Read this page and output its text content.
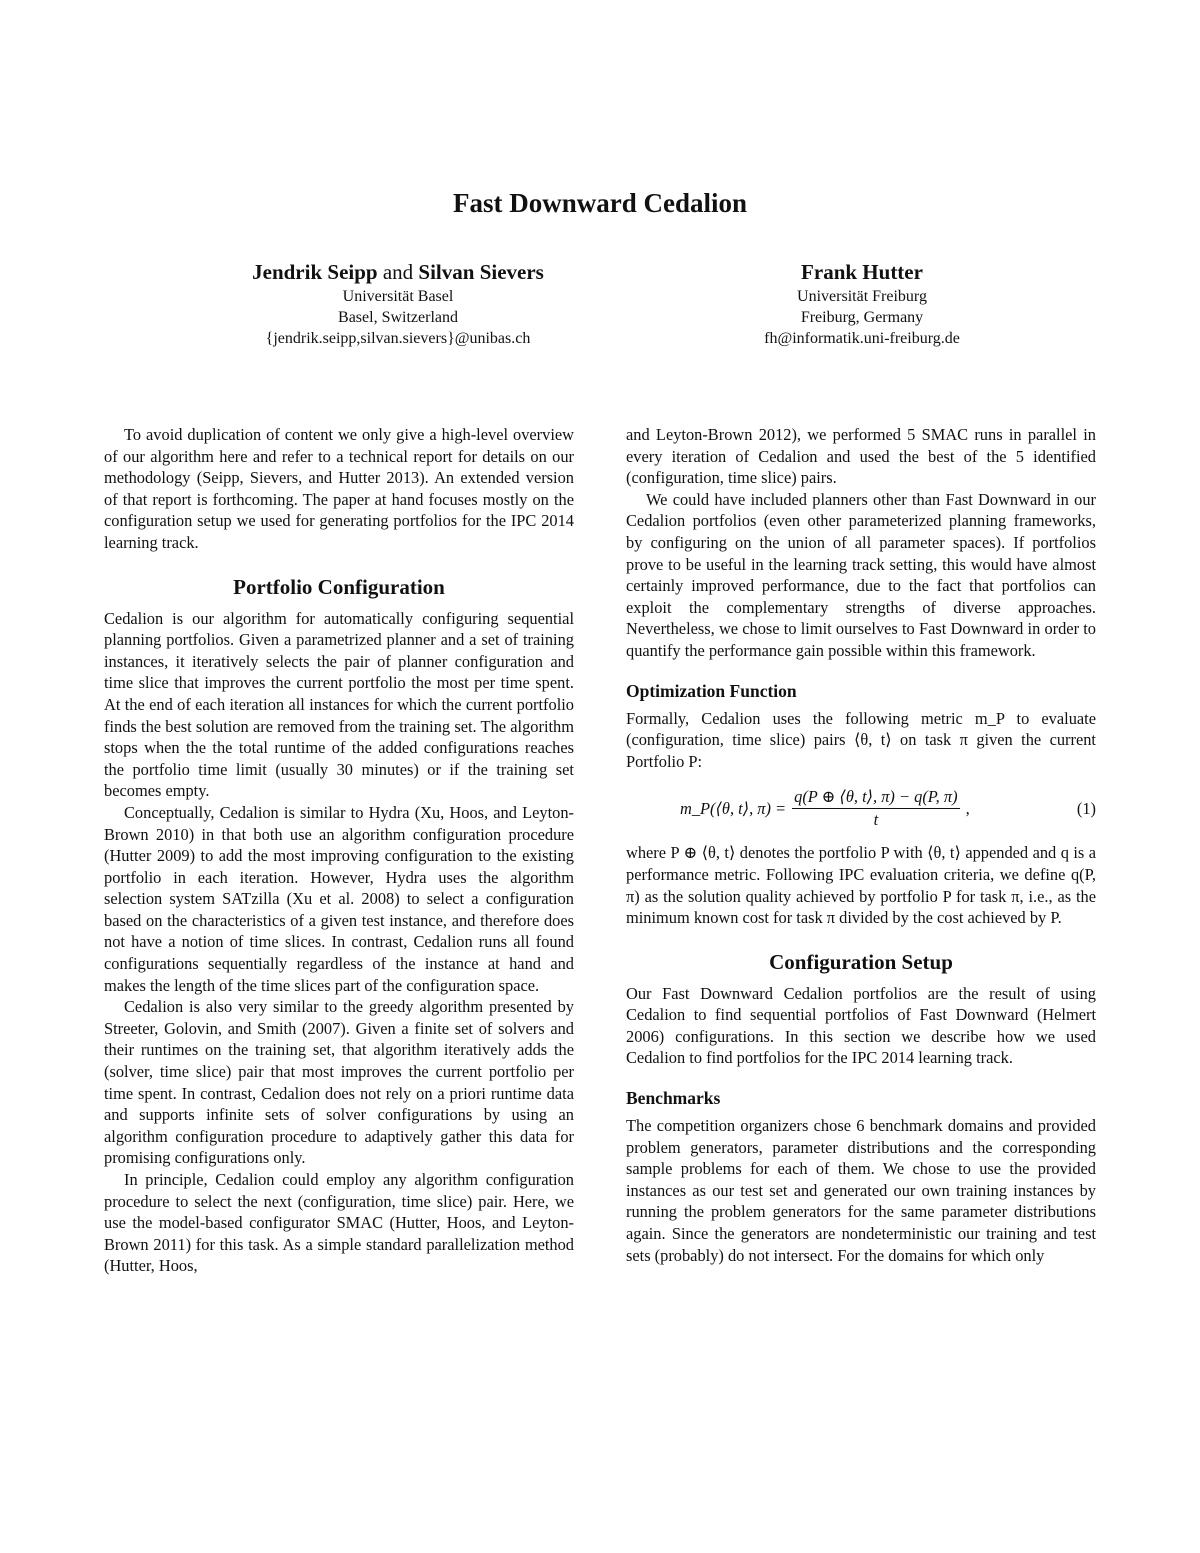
Fast Downward Cedalion
Jendrik Seipp and Silvan Sievers
Universität Basel
Basel, Switzerland
{jendrik.seipp,silvan.sievers}@unibas.ch
Frank Hutter
Universität Freiburg
Freiburg, Germany
fh@informatik.uni-freiburg.de

To avoid duplication of content we only give a high-level overview of our algorithm here and refer to a technical report for details on our methodology (Seipp, Sievers, and Hutter 2013). An extended version of that report is forthcoming. The paper at hand focuses mostly on the configuration setup we used for generating portfolios for the IPC 2014 learning track.

Portfolio Configuration

Cedalion is our algorithm for automatically configuring sequential planning portfolios. Given a parametrized planner and a set of training instances, it iteratively selects the pair of planner configuration and time slice that improves the current portfolio the most per time spent. At the end of each iteration all instances for which the current portfolio finds the best solution are removed from the training set. The algorithm stops when the the total runtime of the added configurations reaches the portfolio time limit (usually 30 minutes) or if the training set becomes empty.

Conceptually, Cedalion is similar to Hydra (Xu, Hoos, and Leyton-Brown 2010) in that both use an algorithm configuration procedure (Hutter 2009) to add the most improving configuration to the existing portfolio in each iteration. However, Hydra uses the algorithm selection system SATzilla (Xu et al. 2008) to select a configuration based on the characteristics of a given test instance, and therefore does not have a notion of time slices. In contrast, Cedalion runs all found configurations sequentially regardless of the instance at hand and makes the length of the time slices part of the configuration space.

Cedalion is also very similar to the greedy algorithm presented by Streeter, Golovin, and Smith (2007). Given a finite set of solvers and their runtimes on the training set, that algorithm iteratively adds the (solver, time slice) pair that most improves the current portfolio per time spent. In contrast, Cedalion does not rely on a priori runtime data and supports infinite sets of solver configurations by using an algorithm configuration procedure to adaptively gather this data for promising configurations only.

In principle, Cedalion could employ any algorithm configuration procedure to select the next (configuration, time slice) pair. Here, we use the model-based configurator SMAC (Hutter, Hoos, and Leyton-Brown 2011) for this task. As a simple standard parallelization method (Hutter, Hoos,

and Leyton-Brown 2012), we performed 5 SMAC runs in parallel in every iteration of Cedalion and used the best of the 5 identified (configuration, time slice) pairs.

We could have included planners other than Fast Downward in our Cedalion portfolios (even other parameterized planning frameworks, by configuring on the union of all parameter spaces). If portfolios prove to be useful in the learning track setting, this would have almost certainly improved performance, due to the fact that portfolios can exploit the complementary strengths of diverse approaches. Nevertheless, we chose to limit ourselves to Fast Downward in order to quantify the performance gain possible within this framework.

Optimization Function

Formally, Cedalion uses the following metric m_P to evaluate (configuration, time slice) pairs ⟨θ, t⟩ on task π given the current Portfolio P:

m_P(⟨θ, t⟩, $\pi) = \frac{q(P \oplus ⟨\theta, t⟩, \pi) - q(P, \pi)}{t}$ ,	(1)

where P ⊕ ⟨θ, t⟩ denotes the portfolio P with ⟨θ, t⟩ appended and q is a performance metric. Following IPC evaluation criteria, we define q(P, π) as the solution quality achieved by portfolio P for task π, i.e., as the minimum known cost for task π divided by the cost achieved by P.

Configuration Setup

Our Fast Downward Cedalion portfolios are the result of using Cedalion to find sequential portfolios of Fast Downward (Helmert 2006) configurations. In this section we describe how we used Cedalion to find portfolios for the IPC 2014 learning track.

Benchmarks

The competition organizers chose 6 benchmark domains and provided problem generators, parameter distributions and the corresponding sample problems for each of them. We chose to use the provided instances as our test set and generated our own training instances by running the problem generators for the same parameter distributions again. Since the generators are nondeterministic our training and test sets (probably) do not intersect. For the domains for which only
